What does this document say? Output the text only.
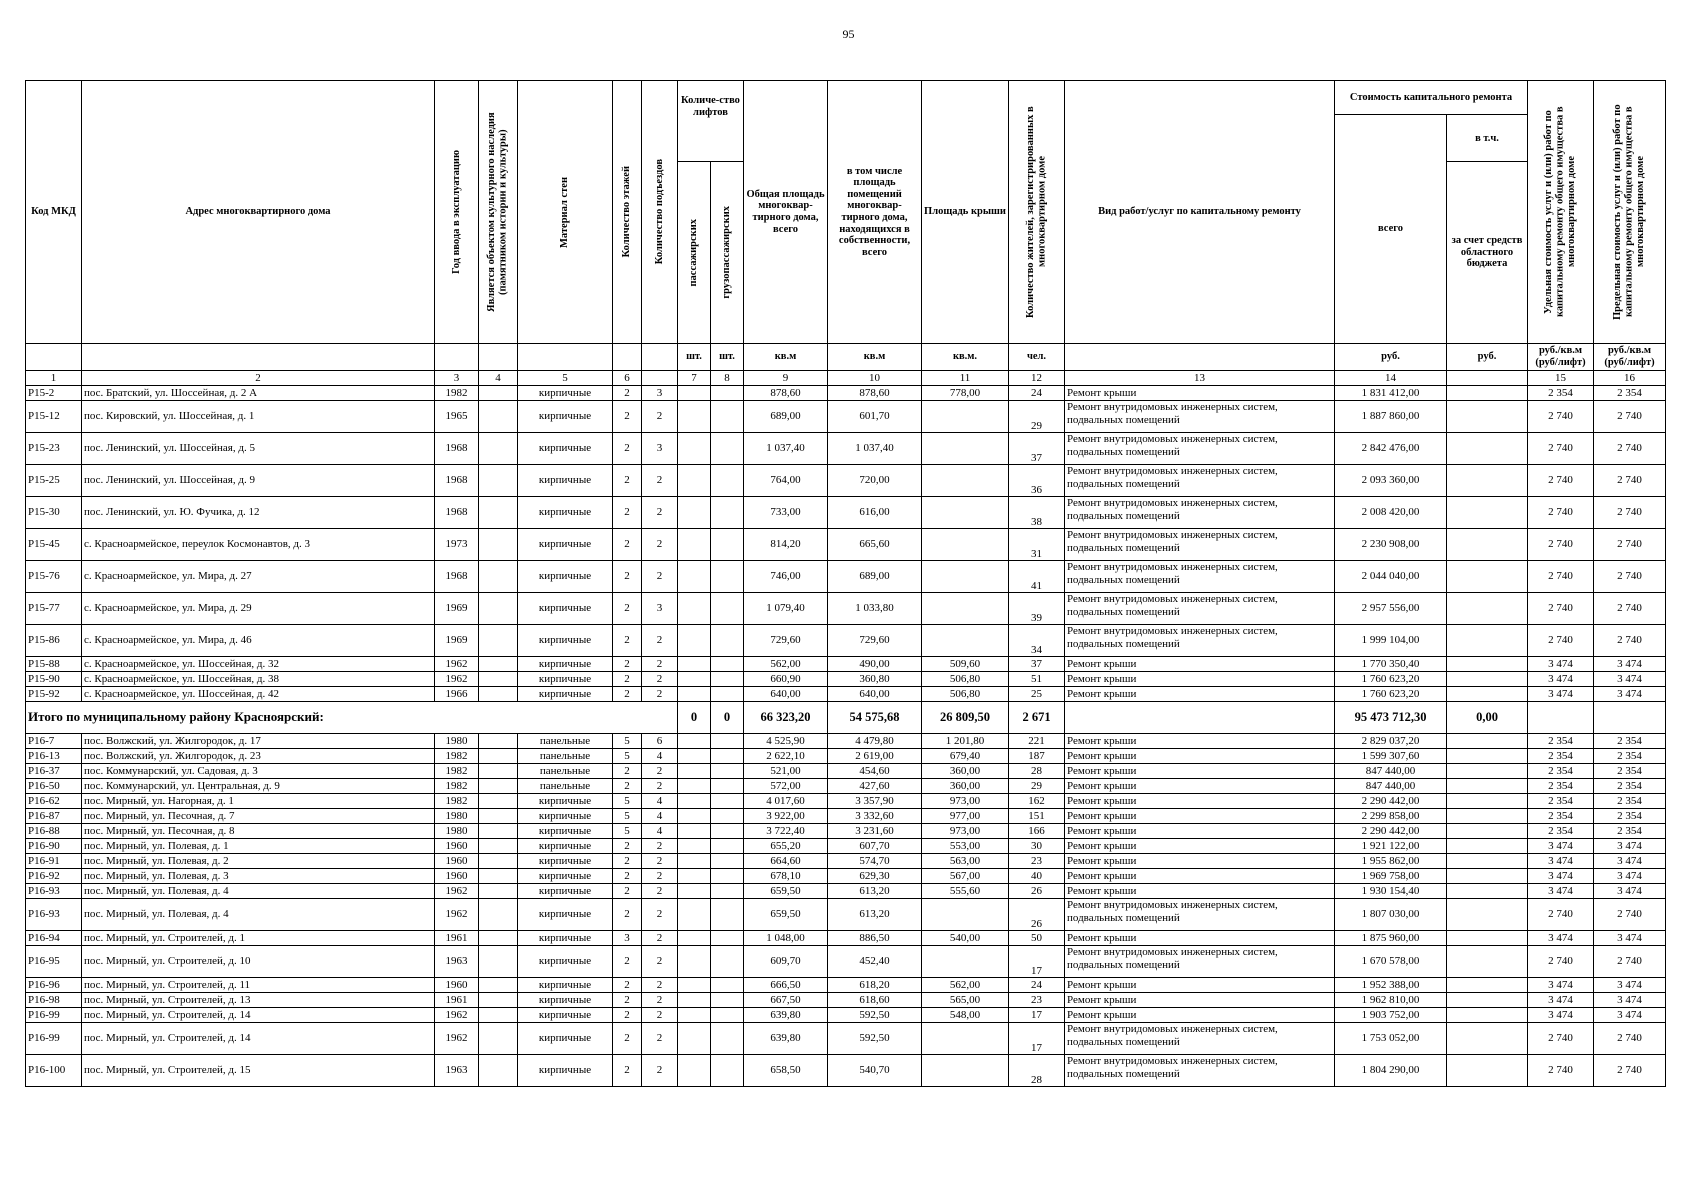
95
Код МКД	Адрес многоквартирного дома	Год ввода в эксплуатацию	Является объектом культурного наследия (памятником истории и культуры)	Материал стен	Количество этажей	Количество подъездов	Количе-ство лифтов		Общая площадь многоквар-тирного дома, всего	в том числе площадь помещений многоквар-тирного дома, находящихся в собственности, всего	Площадь крыши	Количество жителей, зарегистрированных в многоквартирном доме	Вид работ/услуг по капитальному ремонту	Стоимость капитального ремонта		Удельная стоимость услуг и (или) работ по капитальному ремонту общего имущества в многоквартирном доме	Предельная стоимость услуг и (или) работ по капитальному ремонту общего имущества в многоквартирном доме

														всего	в т.ч.		

							пассажирских	грузопассажирских							за счет средств областного бюджета		
							шт.	шт.	кв.м	кв.м	кв.м.	чел.		руб.	руб.	руб./кв.м (руб/лифт)	руб./кв.м (руб/лифт)
1	2	3	4	5	6		7	8	9	10	11	12	13	14		15	16
Р15-2	пос. Братский, ул. Шоссейная, д. 2 А	1982		кирпичные	2	3			878,60	878,60	778,00	24	Ремонт крыши	1 831 412,00		2 354	2 354
Р15-12	пос. Кировский, ул. Шоссейная, д. 1	1965		кирпичные	2	2			689,00	601,70		29	Ремонт внутридомовых инженерных систем, подвальных помещений	1 887 860,00		2 740	2 740
Р15-23	пос. Ленинский, ул. Шоссейная, д. 5	1968		кирпичные	2	3			1 037,40	1 037,40		37	Ремонт внутридомовых инженерных систем, подвальных помещений	2 842 476,00		2 740	2 740
Р15-25	пос. Ленинский, ул. Шоссейная, д. 9	1968		кирпичные	2	2			764,00	720,00		36	Ремонт внутридомовых инженерных систем, подвальных помещений	2 093 360,00		2 740	2 740
Р15-30	пос. Ленинский, ул. Ю. Фучика, д. 12	1968		кирпичные	2	2			733,00	616,00		38	Ремонт внутридомовых инженерных систем, подвальных помещений	2 008 420,00		2 740	2 740
Р15-45	с. Красноармейское, переулок Космонавтов, д. 3	1973		кирпичные	2	2			814,20	665,60		31	Ремонт внутридомовых инженерных систем, подвальных помещений	2 230 908,00		2 740	2 740
Р15-76	с. Красноармейское, ул. Мира, д. 27	1968		кирпичные	2	2			746,00	689,00		41	Ремонт внутридомовых инженерных систем, подвальных помещений	2 044 040,00		2 740	2 740
Р15-77	с. Красноармейское, ул. Мира, д. 29	1969		кирпичные	2	3			1 079,40	1 033,80		39	Ремонт внутридомовых инженерных систем, подвальных помещений	2 957 556,00		2 740	2 740
Р15-86	с. Красноармейское, ул. Мира, д. 46	1969		кирпичные	2	2			729,60	729,60		34	Ремонт внутридомовых инженерных систем, подвальных помещений	1 999 104,00		2 740	2 740
Р15-88	с. Красноармейское, ул. Шоссейная, д. 32	1962		кирпичные	2	2			562,00	490,00	509,60	37	Ремонт крыши	1 770 350,40		3 474	3 474
Р15-90	с. Красноармейское, ул. Шоссейная, д. 38	1962		кирпичные	2	2			660,90	360,80	506,80	51	Ремонт крыши	1 760 623,20		3 474	3 474
Р15-92	с. Красноармейское, ул. Шоссейная, д. 42	1966		кирпичные	2	2			640,00	640,00	506,80	25	Ремонт крыши	1 760 623,20		3 474	3 474
Итого по муниципальному району Красноярский:							0	0	66 323,20	54 575,68	26 809,50	2 671		95 473 712,30	0,00		
Р16-7	пос. Волжский, ул. Жилгородок, д. 17	1980		панельные	5	6			4 525,90	4 479,80	1 201,80	221	Ремонт крыши	2 829 037,20		2 354	2 354
Р16-13	пос. Волжский, ул. Жилгородок, д. 23	1982		панельные	5	4			2 622,10	2 619,00	679,40	187	Ремонт крыши	1 599 307,60		2 354	2 354
Р16-37	пос. Коммунарский, ул. Садовая, д. 3	1982		панельные	2	2			521,00	454,60	360,00	28	Ремонт крыши	847 440,00		2 354	2 354
Р16-50	пос. Коммунарский, ул. Центральная, д. 9	1982		панельные	2	2			572,00	427,60	360,00	29	Ремонт крыши	847 440,00		2 354	2 354
Р16-62	пос. Мирный, ул. Нагорная, д. 1	1982		кирпичные	5	4			4 017,60	3 357,90	973,00	162	Ремонт крыши	2 290 442,00		2 354	2 354
Р16-87	пос. Мирный, ул. Песочная, д. 7	1980		кирпичные	5	4			3 922,00	3 332,60	977,00	151	Ремонт крыши	2 299 858,00		2 354	2 354
Р16-88	пос. Мирный, ул. Песочная, д. 8	1980		кирпичные	5	4			3 722,40	3 231,60	973,00	166	Ремонт крыши	2 290 442,00		2 354	2 354
Р16-90	пос. Мирный, ул. Полевая, д. 1	1960		кирпичные	2	2			655,20	607,70	553,00	30	Ремонт крыши	1 921 122,00		3 474	3 474
Р16-91	пос. Мирный, ул. Полевая, д. 2	1960		кирпичные	2	2			664,60	574,70	563,00	23	Ремонт крыши	1 955 862,00		3 474	3 474
Р16-92	пос. Мирный, ул. Полевая, д. 3	1960		кирпичные	2	2			678,10	629,30	567,00	40	Ремонт крыши	1 969 758,00		3 474	3 474
Р16-93	пос. Мирный, ул. Полевая, д. 4	1962		кирпичные	2	2			659,50	613,20	555,60	26	Ремонт крыши	1 930 154,40		3 474	3 474
Р16-93	пос. Мирный, ул. Полевая, д. 4	1962		кирпичные	2	2			659,50	613,20		26	Ремонт внутридомовых инженерных систем, подвальных помещений	1 807 030,00		2 740	2 740
Р16-94	пос. Мирный, ул. Строителей, д. 1	1961		кирпичные	3	2			1 048,00	886,50	540,00	50	Ремонт крыши	1 875 960,00		3 474	3 474
Р16-95	пос. Мирный, ул. Строителей, д. 10	1963		кирпичные	2	2			609,70	452,40		17	Ремонт внутридомовых инженерных систем, подвальных помещений	1 670 578,00		2 740	2 740
Р16-96	пос. Мирный, ул. Строителей, д. 11	1960		кирпичные	2	2			666,50	618,20	562,00	24	Ремонт крыши	1 952 388,00		3 474	3 474
Р16-98	пос. Мирный, ул. Строителей, д. 13	1961		кирпичные	2	2			667,50	618,60	565,00	23	Ремонт крыши	1 962 810,00		3 474	3 474
Р16-99	пос. Мирный, ул. Строителей, д. 14	1962		кирпичные	2	2			639,80	592,50	548,00	17	Ремонт крыши	1 903 752,00		3 474	3 474
Р16-99	пос. Мирный, ул. Строителей, д. 14	1962		кирпичные	2	2			639,80	592,50		17	Ремонт внутридомовых инженерных систем, подвальных помещений	1 753 052,00		2 740	2 740
Р16-100	пос. Мирный, ул. Строителей, д. 15	1963		кирпичные	2	2			658,50	540,70		28	Ремонт внутридомовых инженерных систем, подвальных помещений	1 804 290,00		2 740	2 740
